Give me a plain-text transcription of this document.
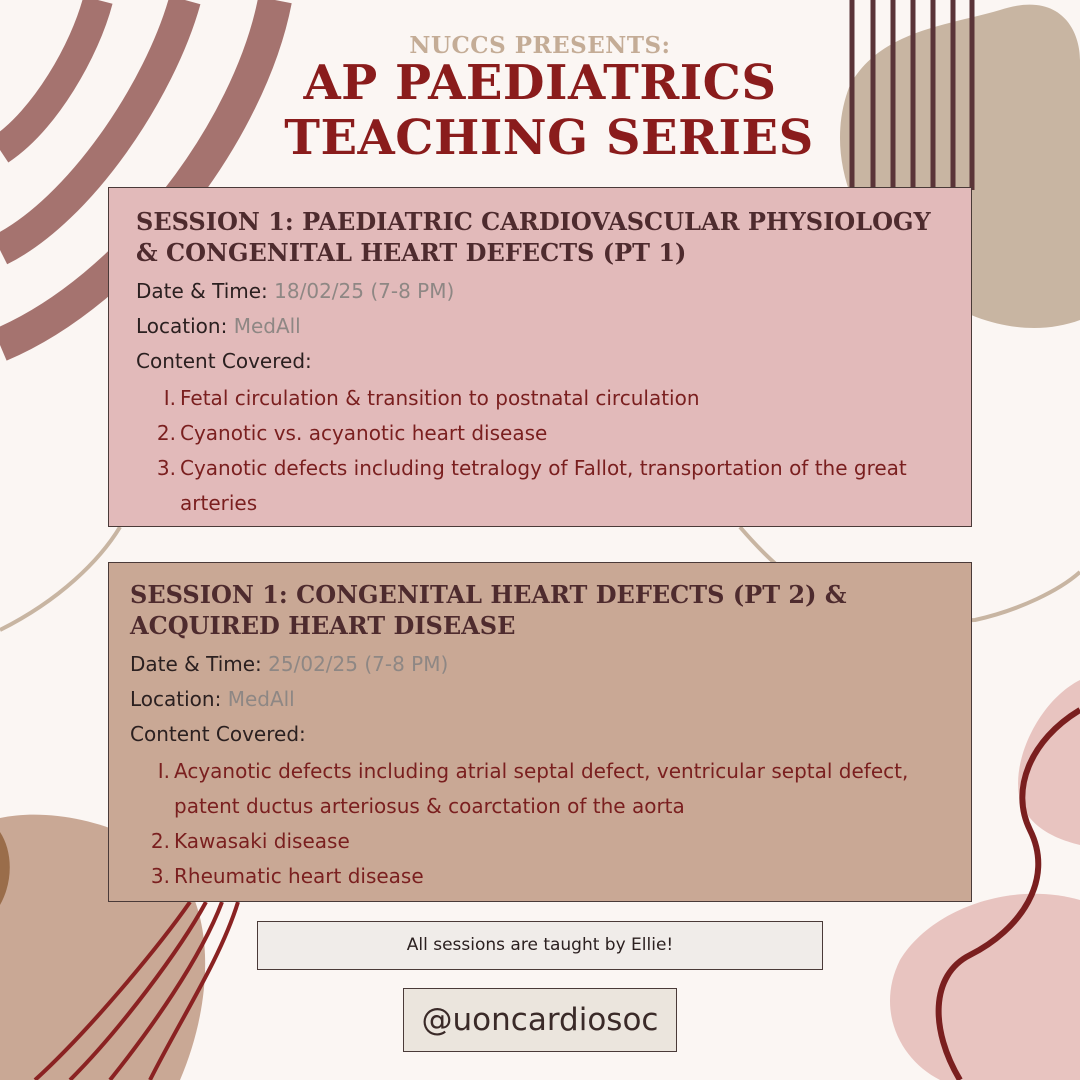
NUCCS PRESENTS:
AP PAEDIATRICS

TEACHING SERIES
SESSION 1: PAEDIATRIC CARDIOVASCULAR PHYSIOLOGY & CONGENITAL HEART DEFECTS (PT 1)
Date & Time: 18/02/25 (7-8 PM)
Location: MedAll
Content Covered:
I. Fetal circulation & transition to postnatal circulation
2. Cyanotic vs. acyanotic heart disease
3. Cyanotic defects including tetralogy of Fallot, transportation of the great arteries
SESSION 1: CONGENITAL HEART DEFECTS (PT 2) & ACQUIRED HEART DISEASE
Date & Time: 25/02/25 (7-8 PM)
Location: MedAll
Content Covered:
I. Acyanotic defects including atrial septal defect, ventricular septal defect, patent ductus arteriosus & coarctation of the aorta
2. Kawasaki disease
3. Rheumatic heart disease
All sessions are taught by Ellie!
@uoncardiosoc
